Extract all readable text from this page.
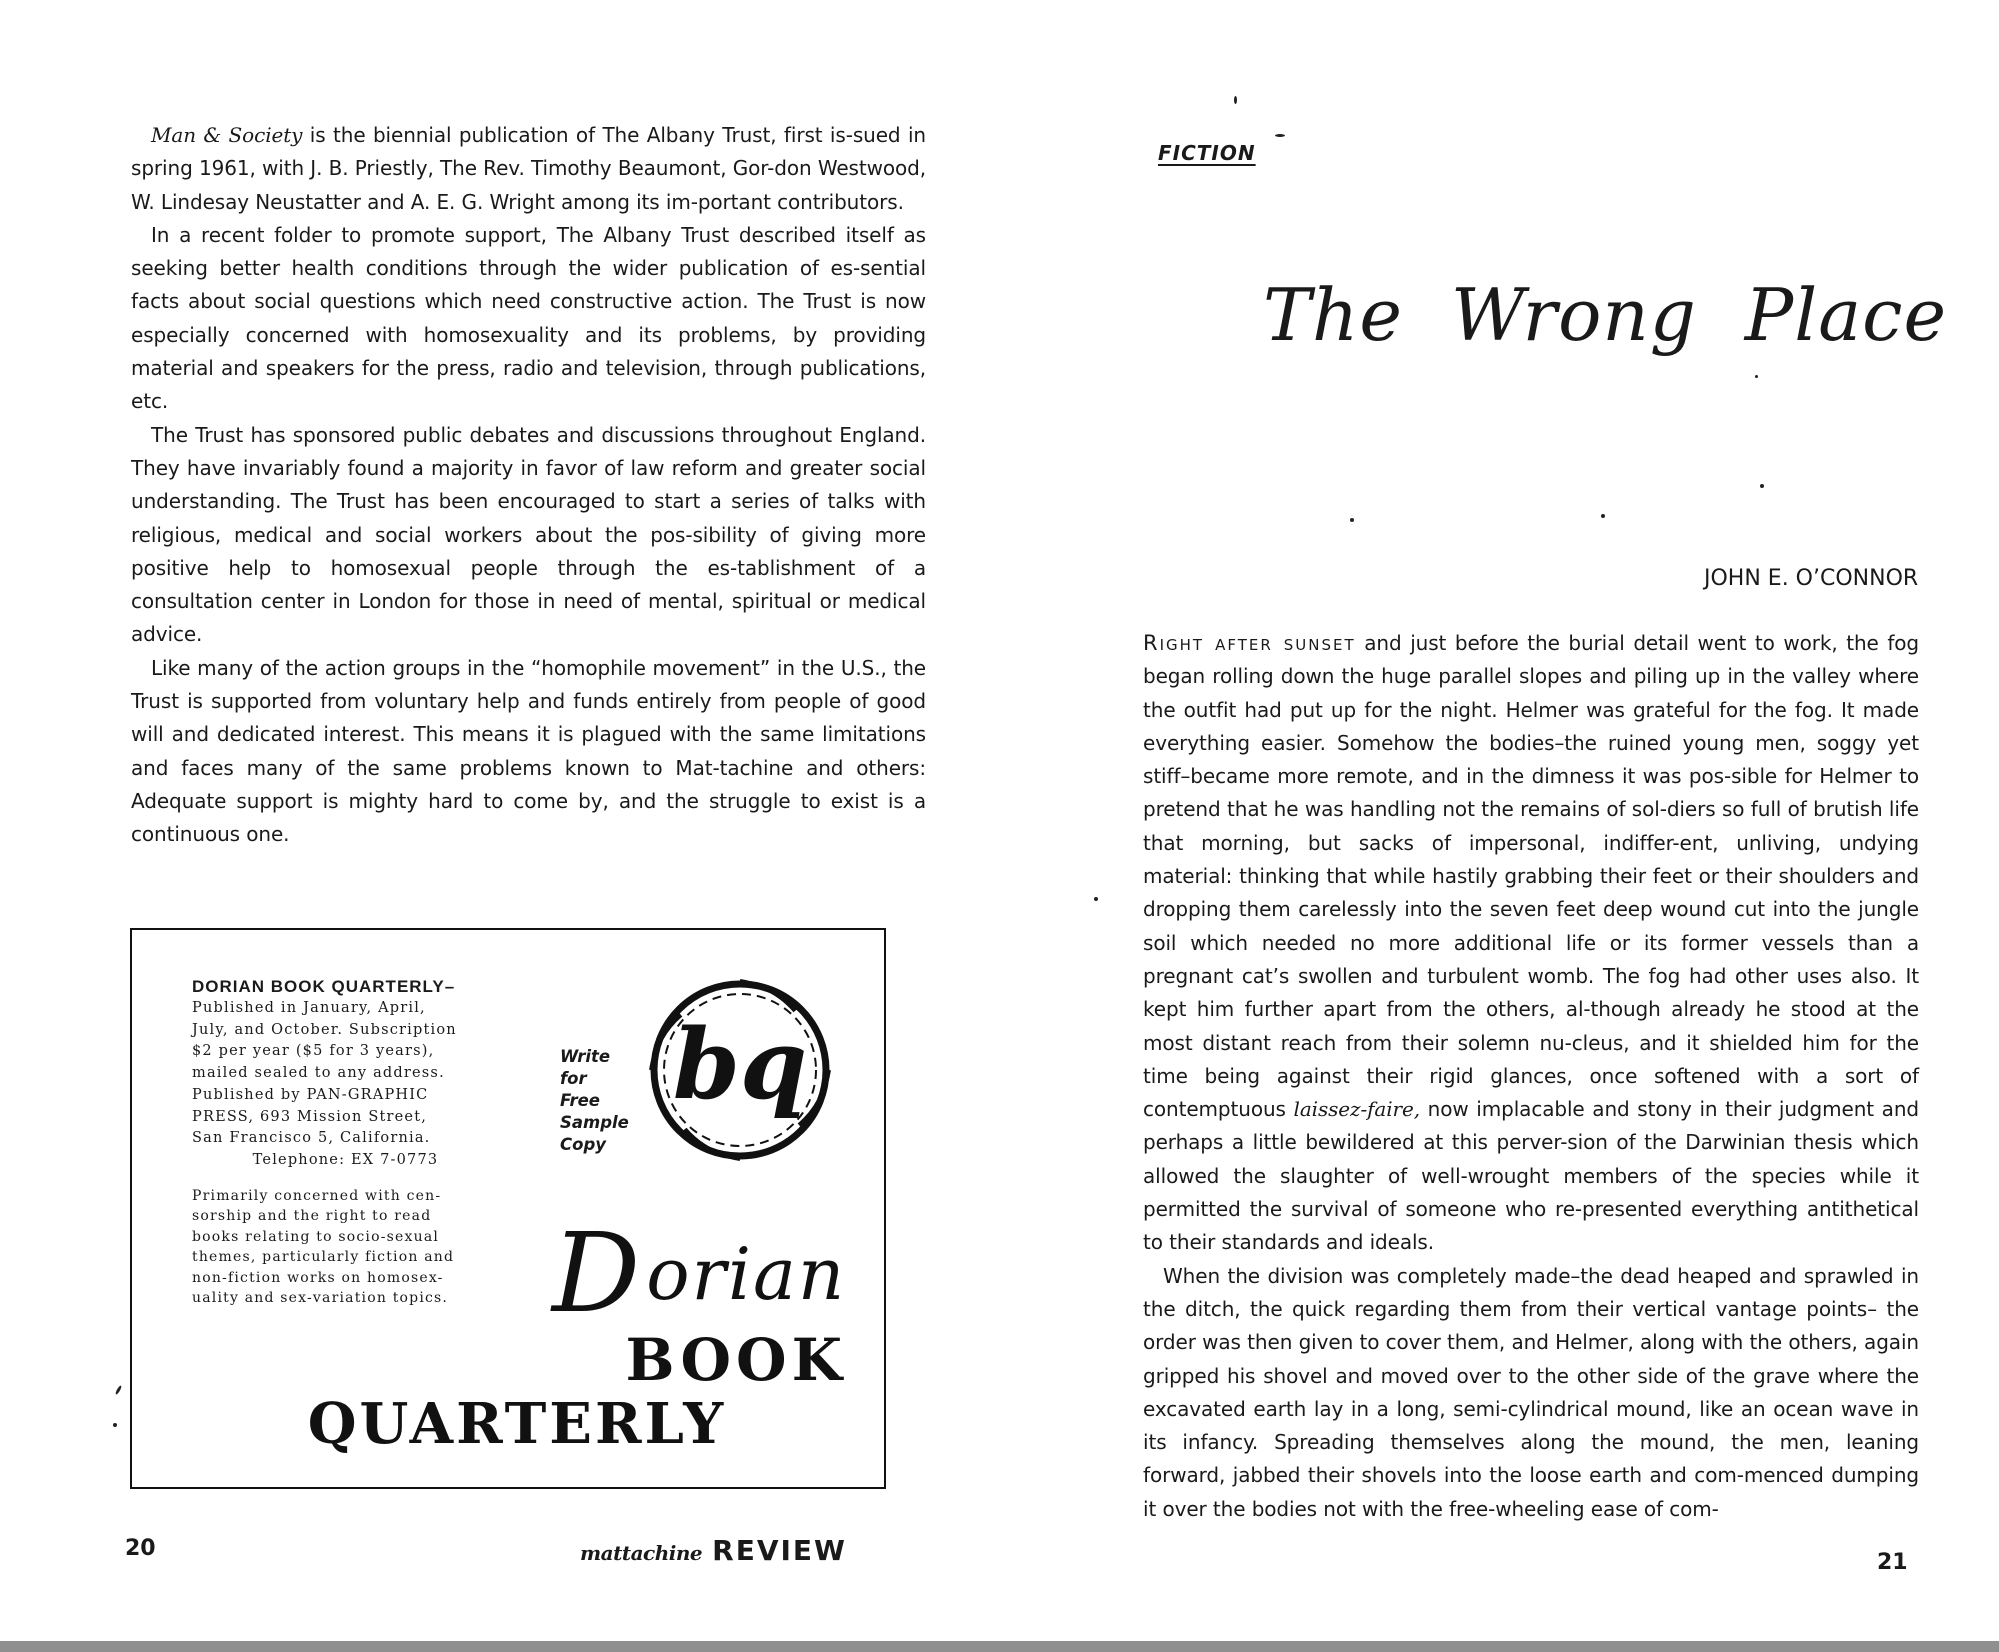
Man & Society is the biennial publication of The Albany Trust, first is-sued in spring 1961, with J. B. Priestly, The Rev. Timothy Beaumont, Gor-don Westwood, W. Lindesay Neustatter and A. E. G. Wright among its im-portant contributors.

In a recent folder to promote support, The Albany Trust described itself as seeking better health conditions through the wider publication of es-sential facts about social questions which need constructive action. The Trust is now especially concerned with homosexuality and its problems, by providing material and speakers for the press, radio and television, through publications, etc.

The Trust has sponsored public debates and discussions throughout England. They have invariably found a majority in favor of law reform and greater social understanding. The Trust has been encouraged to start a series of talks with religious, medical and social workers about the pos-sibility of giving more positive help to homosexual people through the es-tablishment of a consultation center in London for those in need of mental, spiritual or medical advice.

Like many of the action groups in the “homophile movement” in the U.S., the Trust is supported from voluntary help and funds entirely from people of good will and dedicated interest. This means it is plagued with the same limitations and faces many of the same problems known to Mat-tachine and others: Adequate support is mighty hard to come by, and the struggle to exist is a continuous one.

DORIAN BOOK QUARTERLY–

Published in January, April,

July, and October. Subscription

$2 per year ($5 for 3 years),

mailed sealed to any address.

Published by PAN-GRAPHIC

PRESS, 693 Mission Street,

San Francisco 5, California.

Telephone: EX 7-0773

Primarily concerned with cen-

sorship and the right to read

books relating to socio-sexual

themes, particularly fiction and

non-fiction works on homosex-

uality and sex-variation topics.

Write
for
Free
Sample
Copy

bq
Dorian
BOOK
QUARTERLY
20	mattachine REVIEW
FICTION
The Wrong Place
JOHN E. O’CONNOR

Right after sunset and just before the burial detail went to work, the fog began rolling down the huge parallel slopes and piling up in the valley where the outfit had put up for the night. Helmer was grateful for the fog. It made everything easier. Somehow the bodies–the ruined young men, soggy yet stiff–became more remote, and in the dimness it was pos-sible for Helmer to pretend that he was handling not the remains of sol-diers so full of brutish life that morning, but sacks of impersonal, indiffer-ent, unliving, undying material: thinking that while hastily grabbing their feet or their shoulders and dropping them carelessly into the seven feet deep wound cut into the jungle soil which needed no more additional life or its former vessels than a pregnant cat’s swollen and turbulent womb. The fog had other uses also. It kept him further apart from the others, al-though already he stood at the most distant reach from their solemn nu-cleus, and it shielded him for the time being against their rigid glances, once softened with a sort of contemptuous laissez-faire, now implacable and stony in their judgment and perhaps a little bewildered at this perver-sion of the Darwinian thesis which allowed the slaughter of well-wrought members of the species while it permitted the survival of someone who re-presented everything antithetical to their standards and ideals.

When the division was completely made–the dead heaped and sprawled in the ditch, the quick regarding them from their vertical vantage points– the order was then given to cover them, and Helmer, along with the others, again gripped his shovel and moved over to the other side of the grave where the excavated earth lay in a long, semi-cylindrical mound, like an ocean wave in its infancy. Spreading themselves along the mound, the men, leaning forward, jabbed their shovels into the loose earth and com-menced dumping it over the bodies not with the free-wheeling ease of com-

21
